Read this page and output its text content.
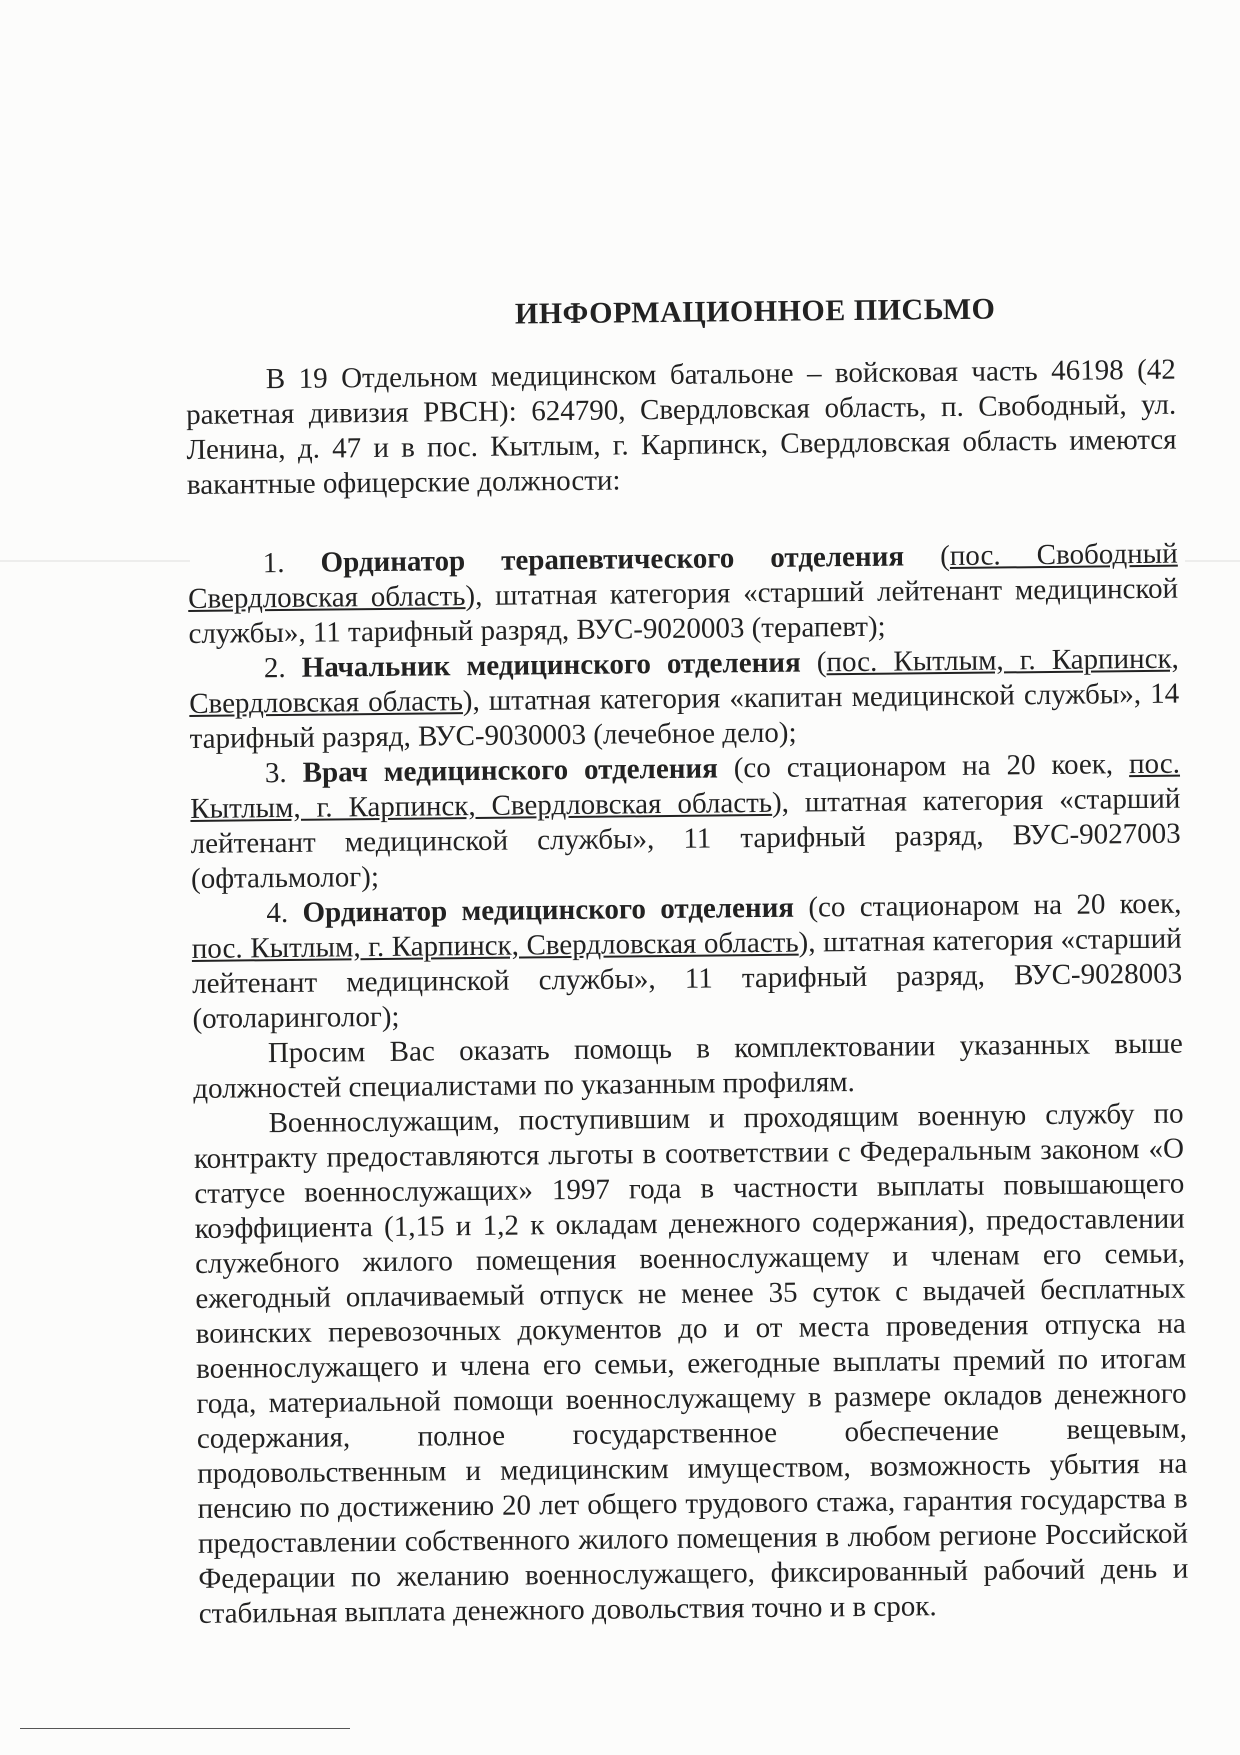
ИНФОРМАЦИОННОЕ ПИСЬМО

В 19 Отдельном медицинском батальоне – войсковая часть 46198 (42 ракетная дивизия РВСН): 624790, Свердловская область, п. Свободный, ул. Ленина, д. 47 и в пос. Кытлым, г. Карпинск, Свердловская область имеются вакантные офицерские должности:

1. Ординатор терапевтического отделения (пос. Свободный Свердловская область), штатная категория «старший лейтенант медицинской службы», 11 тарифный разряд, ВУС-9020003 (терапевт);

2. Начальник медицинского отделения (пос. Кытлым, г. Карпинск, Свердловская область), штатная категория «капитан медицинской службы», 14 тарифный разряд, ВУС-9030003 (лечебное дело);

3. Врач медицинского отделения (со стационаром на 20 коек, пос. Кытлым, г. Карпинск, Свердловская область), штатная категория «старший лейтенант медицинской службы», 11 тарифный разряд, ВУС-9027003 (офтальмолог);

4. Ординатор медицинского отделения (со стационаром на 20 коек, пос. Кытлым, г. Карпинск, Свердловская область), штатная категория «старший лейтенант медицинской службы», 11 тарифный разряд, ВУС-9028003 (отоларинголог);

Просим Вас оказать помощь в комплектовании указанных выше должностей специалистами по указанным профилям.

Военнослужащим, поступившим и проходящим военную службу по контракту предоставляются льготы в соответствии с Федеральным законом «О статусе военнослужащих» 1997 года в частности выплаты повышающего коэффициента (1,15 и 1,2 к окладам денежного содержания), предоставлении служебного жилого помещения военнослужащему и членам его семьи, ежегодный оплачиваемый отпуск не менее 35 суток с выдачей бесплатных воинских перевозочных документов до и от места проведения отпуска на военнослужащего и члена его семьи, ежегодные выплаты премий по итогам года, материальной помощи военнослужащему в размере окладов денежного содержания, полное государственное обеспечение вещевым, продовольственным и медицинским имуществом, возможность убытия на пенсию по достижению 20 лет общего трудового стажа, гарантия государства в предоставлении собственного жилого помещения в любом регионе Российской Федерации по желанию военнослужащего, фиксированный рабочий день и стабильная выплата денежного довольствия точно и в срок.
